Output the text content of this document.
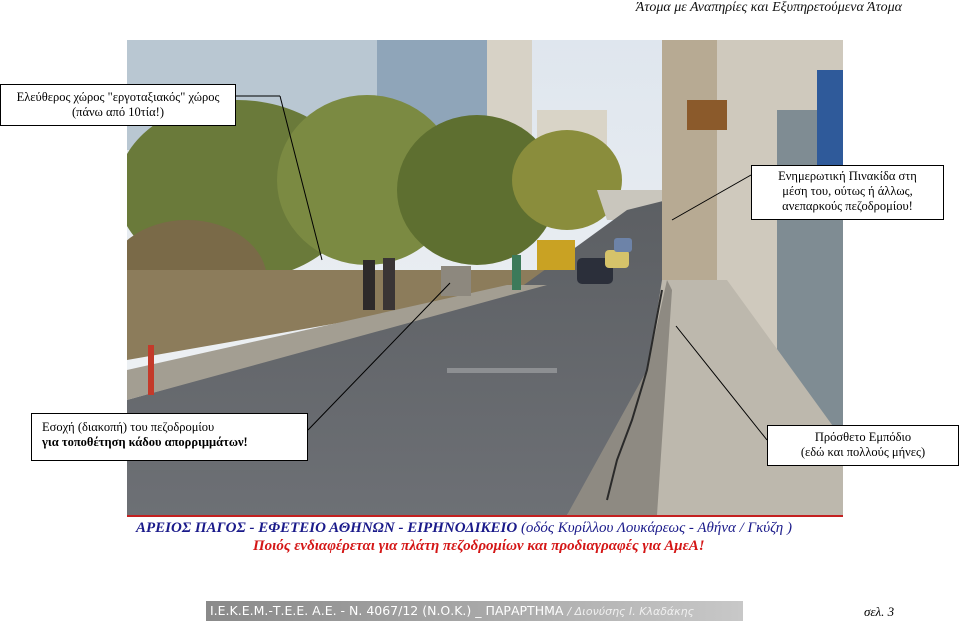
Άτομα με Αναπηρίες και Εξυπηρετούμενα Άτομα
Ελεύθερος χώρος "εργοταξιακός" χώρος
(πάνω από 10τία!)
Ενημερωτική Πινακίδα στη
μέση του, ούτως ή άλλως,
ανεπαρκούς πεζοδρομίου!
Εσοχή (διακοπή) του πεζοδρομίου
για τοποθέτηση κάδου απορριμμάτων!	Πρόσθετο Εμπόδιο
(εδώ και πολλούς μήνες)
ΑΡΕΙΟΣ ΠΑΓΟΣ - ΕΦΕΤΕΙΟ ΑΘΗΝΩΝ - ΕΙΡΗΝΟΔΙΚΕΙΟ (οδός Κυρίλλου Λουκάρεως - Αθήνα / Γκύζη )
Ποιός ενδιαφέρεται για πλάτη πεζοδρομίων και προδιαγραφές για ΑμεΑ!
Ι.Ε.Κ.Ε.Μ.-Τ.Ε.Ε. Α.Ε. - Ν. 4067/12 (Ν.Ο.Κ.) _ ΠΑΡΑΡΤΗΜΑ / Διονύσης Ι. Κλαδάκης	σελ. 3
